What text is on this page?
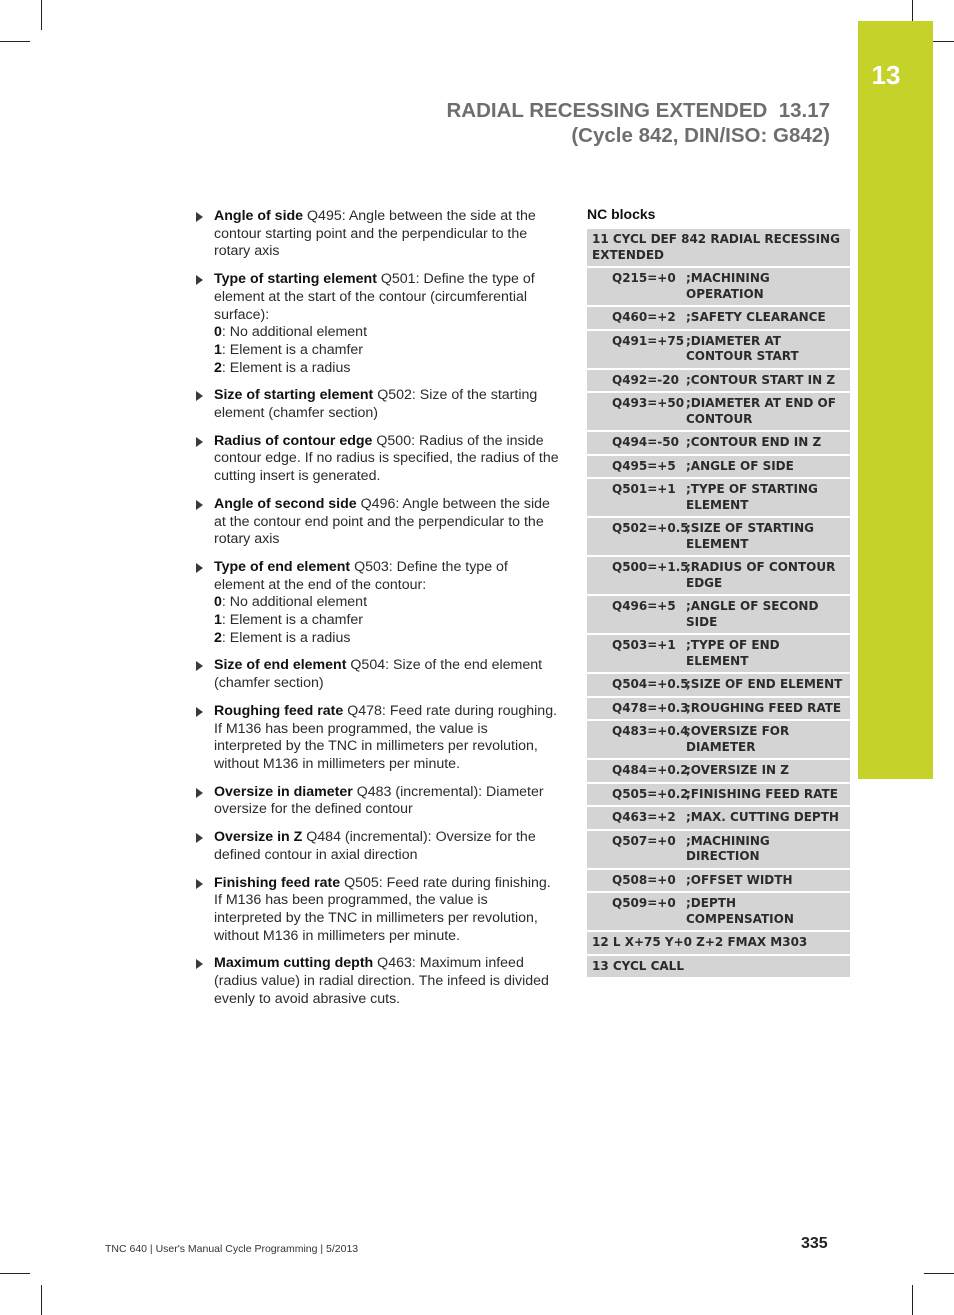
13
RADIAL RECESSING EXTENDED  13.17
(Cycle 842, DIN/ISO: G842)
Angle of side Q495: Angle between the side at the contour starting point and the perpendicular to the rotary axis
Type of starting element Q501: Define the type of element at the start of the contour (circumferential surface):
0: No additional element
1: Element is a chamfer
2: Element is a radius
Size of starting element Q502: Size of the starting element (chamfer section)
Radius of contour edge Q500: Radius of the inside contour edge. If no radius is specified, the radius of the cutting insert is generated.
Angle of second side Q496: Angle between the side at the contour end point and the perpendicular to the rotary axis
Type of end element Q503: Define the type of element at the end of the contour:
0: No additional element
1: Element is a chamfer
2: Element is a radius
Size of end element Q504: Size of the end element (chamfer section)
Roughing feed rate Q478: Feed rate during roughing. If M136 has been programmed, the value is interpreted by the TNC in millimeters per revolution, without M136 in millimeters per minute.
Oversize in diameter Q483 (incremental): Diameter oversize for the defined contour
Oversize in Z Q484 (incremental): Oversize for the defined contour in axial direction
Finishing feed rate Q505: Feed rate during finishing. If M136 has been programmed, the value is interpreted by the TNC in millimeters per revolution, without M136 in millimeters per minute.
Maximum cutting depth Q463: Maximum infeed (radius value) in radial direction. The infeed is divided evenly to avoid abrasive cuts.
NC blocks
11 CYCL DEF 842 RADIAL RECESSING EXTENDED
Q215=+0 ;MACHINING OPERATION
Q460=+2 ;SAFETY CLEARANCE
Q491=+75 ;DIAMETER AT CONTOUR START
Q492=-20 ;CONTOUR START IN Z
Q493=+50 ;DIAMETER AT END OF CONTOUR
Q494=-50 ;CONTOUR END IN Z
Q495=+5 ;ANGLE OF SIDE
Q501=+1 ;TYPE OF STARTING ELEMENT
Q502=+0.5
;SIZE OF STARTING ELEMENT
Q500=+1.5
;RADIUS OF CONTOUR EDGE
Q496=+5 ;ANGLE OF SECOND SIDE
Q503=+1 ;TYPE OF END ELEMENT
Q504=+0.5
;SIZE OF END ELEMENT
Q478=+0.3
;ROUGHING FEED RATE
Q483=+0.4
;OVERSIZE FOR DIAMETER
Q484=+0.2
;OVERSIZE IN Z
Q505=+0.2
;FINISHING FEED RATE
Q463=+2 ;MAX. CUTTING DEPTH
Q507=+0 ;MACHINING DIRECTION
Q508=+0 ;OFFSET WIDTH
Q509=+0 ;DEPTH COMPENSATION
12 L X+75 Y+0 Z+2 FMAX M303
13 CYCL CALL
TNC 640 | User's Manual Cycle Programming | 5/2013	335
